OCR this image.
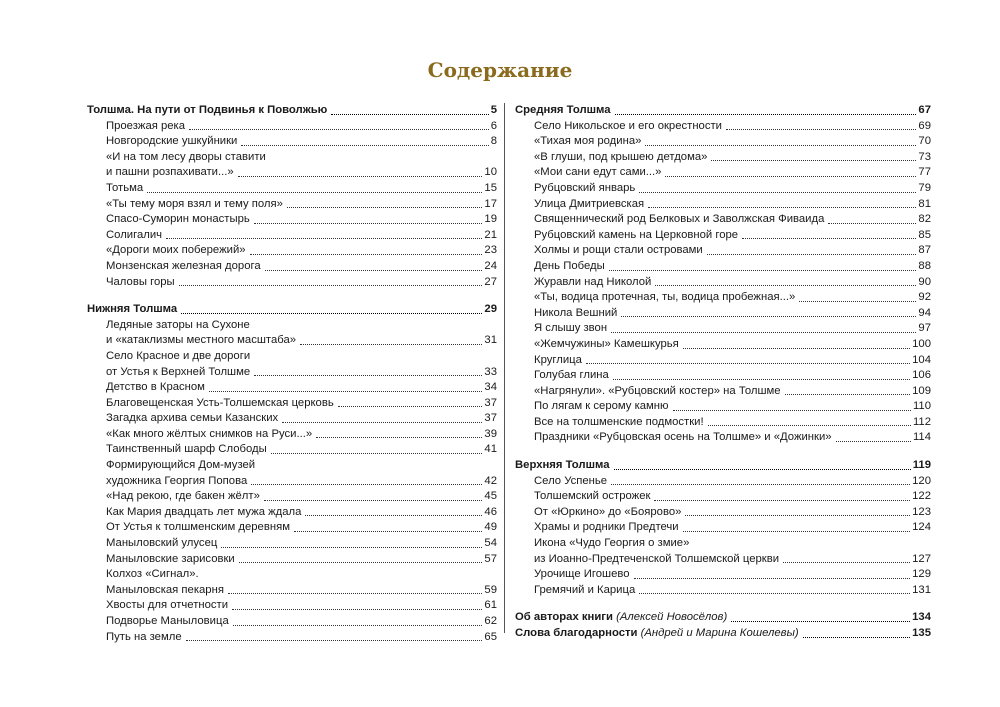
Содержание
Толшма. На пути от Подвинья к Поволжью	5
Проезжая река	6
Новгородские ушкуйники	8
«И на том лесу дворы ставити
и пашни розпахивати...»	10
Тотьма	15
«Ты тему моря взял и тему поля»	17
Спасо-Суморин монастырь	19
Солигалич	21
«Дороги моих побережий»	23
Монзенская железная дорога	24
Чаловы горы	27
Нижняя Толшма	29
Ледяные заторы на Сухоне
и «катаклизмы местного масштаба»	31
Село Красное и две дороги
от Устья к Верхней Толшме	33
Детство в Красном	34
Благовещенская Усть-Толшемская церковь	37
Загадка архива семьи Казанских	37
«Как много жёлтых снимков на Руси...»	39
Таинственный шарф Слободы	41
Формирующийся Дом-музей
художника Георгия Попова	42
«Над рекою, где бакен жёлт»	45
Как Мария двадцать лет мужа ждала	46
От Устья к толшменским деревням	49
Маныловский улусец	54
Маныловские зарисовки	57
Колхоз «Сигнал».
Маныловская пекарня	59
Хвосты для отчетности	61
Подворье Маныловица	62
Путь на земле	65
Средняя Толшма	67
Село Никольское и его окрестности	69
«Тихая моя родина»	70
«В глуши, под крышею детдома»	73
«Мои сани едут сами...»	77
Рубцовский январь	79
Улица Дмитриевская	81
Священнический род Белковых и Заволжская Фиваида	82
Рубцовский камень на Церковной горе	85
Холмы и рощи стали островами	87
День Победы	88
Журавли над Николой	90
«Ты, водица протечная, ты, водица пробежная...»	92
Никола Вешний	94
Я слышу звон	97
«Жемчужины» Камешкурья	100
Круглица	104
Голубая глина	106
«Нагрянули». «Рубцовский костер» на Толшме	109
По лягам к серому камню	110
Все на толшменские подмостки!	112
Праздники «Рубцовская осень на Толшме» и «Дожинки»	114
Верхняя Толшма	119
Село Успенье	120
Толшемский острожек	122
От «Юркино» до «Боярово»	123
Храмы и родники Предтечи	124
Икона «Чудо Георгия о змие»
из Иоанно-Предтеченской Толшемской церкви	127
Урочище Игошево	129
Гремячий и Карица	131
Об авторах книги (Алексей Новосёлов)	134
Слова благодарности (Андрей и Марина Кошелевы)	135
